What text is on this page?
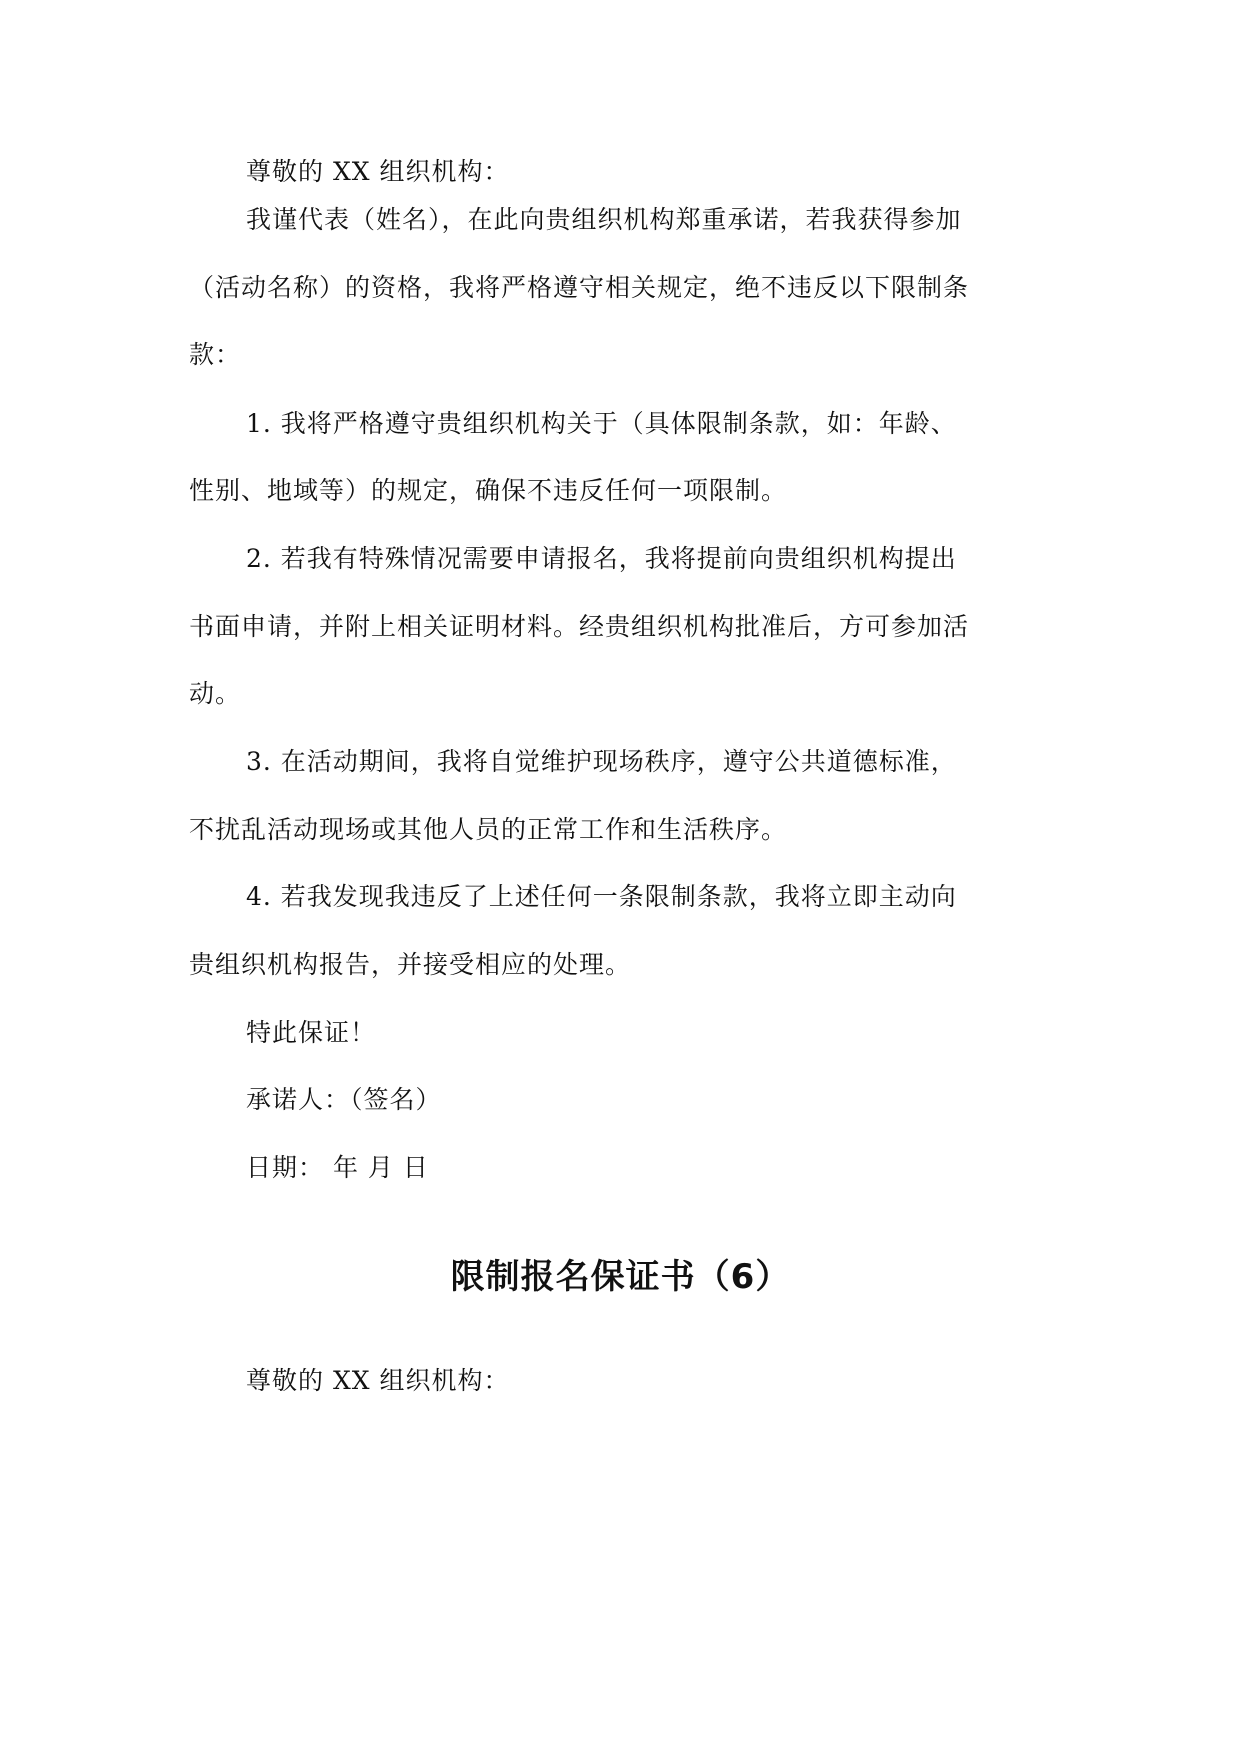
尊敬的 XX 组织机构：
我谨代表（姓名），在此向贵组织机构郑重承诺，若我获得参加
（活动名称）的资格，我将严格遵守相关规定，绝不违反以下限制条
款：
1. 我将严格遵守贵组织机构关于（具体限制条款，如：年龄、
性别、地域等）的规定，确保不违反任何一项限制。
2. 若我有特殊情况需要申请报名，我将提前向贵组织机构提出
书面申请，并附上相关证明材料。经贵组织机构批准后，方可参加活
动。
3. 在活动期间，我将自觉维护现场秩序，遵守公共道德标准，
不扰乱活动现场或其他人员的正常工作和生活秩序。
4. 若我发现我违反了上述任何一条限制条款，我将立即主动向
贵组织机构报告，并接受相应的处理。
特此保证！
承诺人：（签名）
日期： 年 月 日
限制报名保证书（6）
尊敬的 XX 组织机构：
